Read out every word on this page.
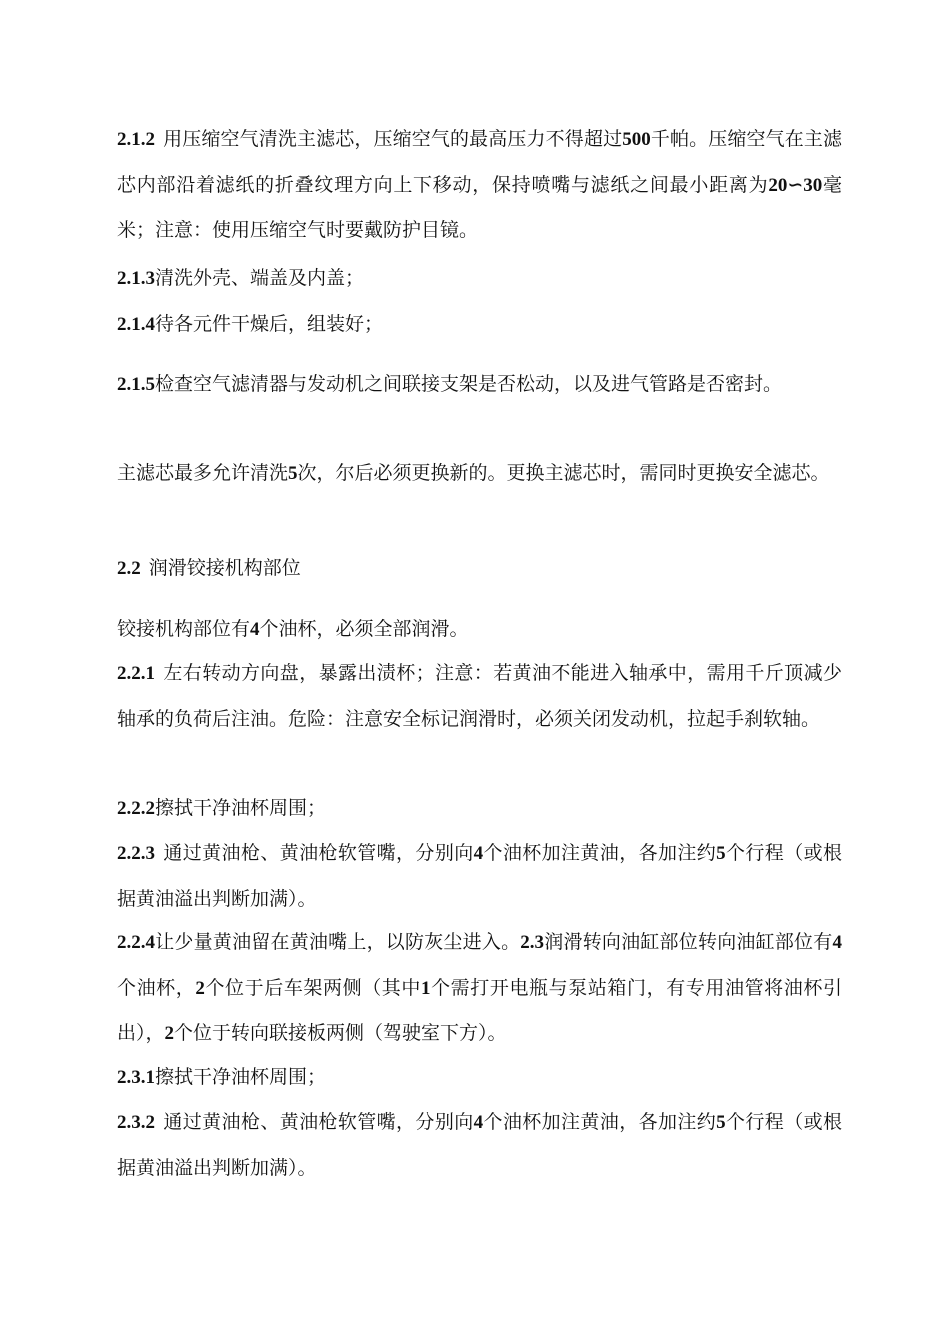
2.1.2 用压缩空气清洗主滤芯，压缩空气的最高压力不得超过500千帕。压缩空气在主滤芯内部沿着滤纸的折叠纹理方向上下移动，保持喷嘴与滤纸之间最小距离为20∽30毫米；注意：使用压缩空气时要戴防护目镜。

2.1.3清洗外壳、端盖及内盖；

2.1.4待各元件干燥后，组装好；

2.1.5检查空气滤清器与发动机之间联接支架是否松动，以及进气管路是否密封。

主滤芯最多允许清洗5次，尔后必须更换新的。更换主滤芯时，需同时更换安全滤芯。

2.2 润滑铰接机构部位

铰接机构部位有4个油杯，必须全部润滑。

2.2.1 左右转动方向盘，暴露出渍杯；注意：若黄油不能进入轴承中，需用千斤顶减少轴承的负荷后注油。危险：注意安全标记润滑时，必须关闭发动机，拉起手刹软轴。

2.2.2擦拭干净油杯周围；

2.2.3 通过黄油枪、黄油枪软管嘴，分别向4个油杯加注黄油，各加注约5个行程（或根据黄油溢出判断加满）。

2.2.4让少量黄油留在黄油嘴上，以防灰尘进入。2.3润滑转向油缸部位转向油缸部位有4个油杯，2个位于后车架两侧（其中1个需打开电瓶与泵站箱门，有专用油管将油杯引出），2个位于转向联接板两侧（驾驶室下方）。

2.3.1擦拭干净油杯周围；

2.3.2 通过黄油枪、黄油枪软管嘴，分别向4个油杯加注黄油，各加注约5个行程（或根据黄油溢出判断加满）。
